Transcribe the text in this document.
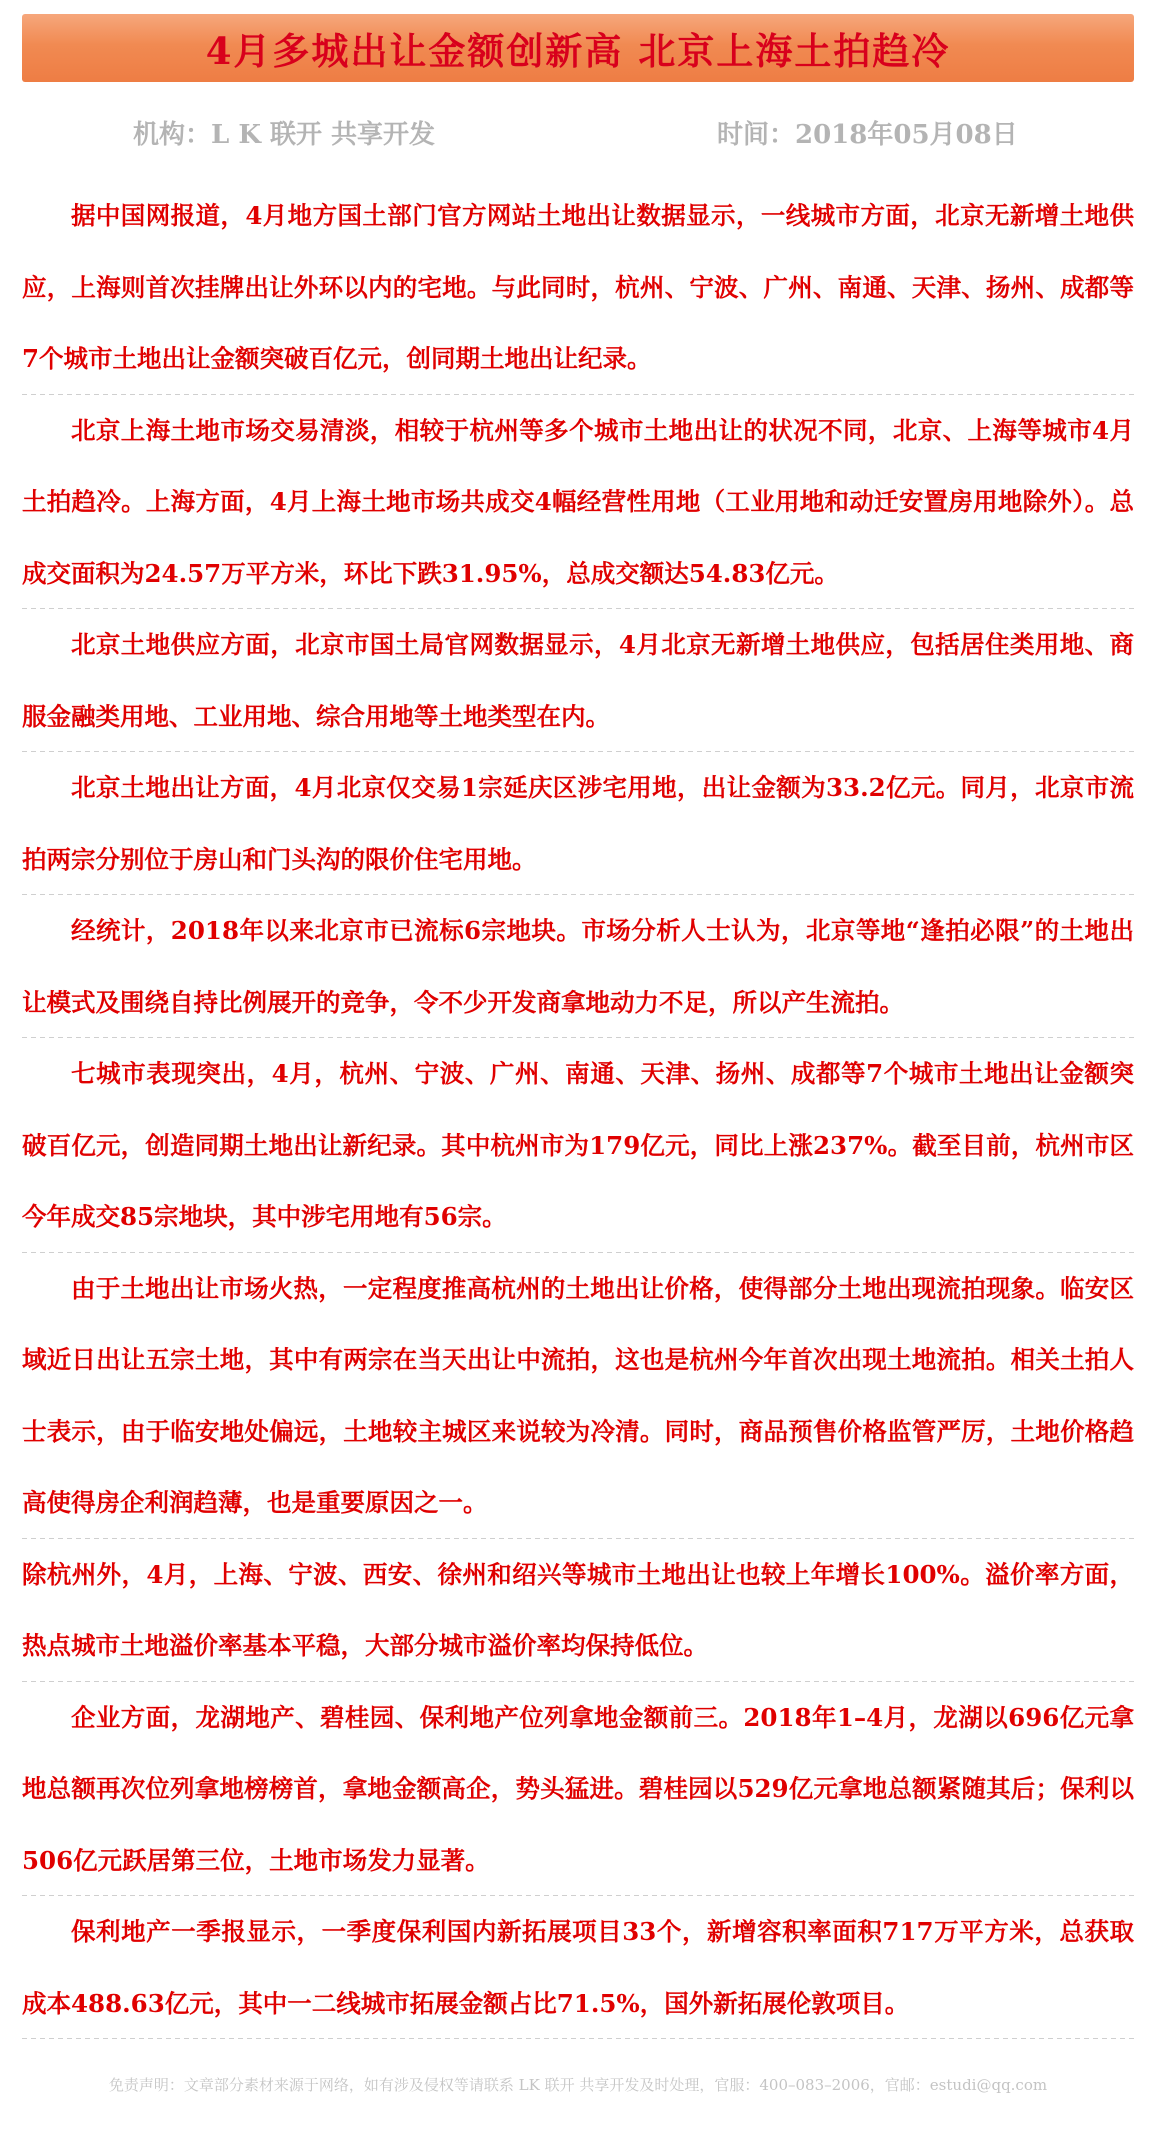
4月多城出让金额创新高 北京上海土拍趋冷
机构：L K 联开 共享开发	时间：2018年05月08日

据中国网报道，4月地方国土部门官方网站土地出让数据显示，一线城市方面，北京无新增土地供应，上海则首次挂牌出让外环以内的宅地。与此同时，杭州、宁波、广州、南通、天津、扬州、成都等7个城市土地出让金额突破百亿元，创同期土地出让纪录。

北京上海土地市场交易清淡，相较于杭州等多个城市土地出让的状况不同，北京、上海等城市4月土拍趋冷。上海方面，4月上海土地市场共成交4幅经营性用地（工业用地和动迁安置房用地除外）。总成交面积为24.57万平方米，环比下跌31.95%，总成交额达54.83亿元。

北京土地供应方面，北京市国土局官网数据显示，4月北京无新增土地供应，包括居住类用地、商服金融类用地、工业用地、综合用地等土地类型在内。

北京土地出让方面，4月北京仅交易1宗延庆区涉宅用地，出让金额为33.2亿元。同月，北京市流拍两宗分别位于房山和门头沟的限价住宅用地。

经统计，2018年以来北京市已流标6宗地块。市场分析人士认为，北京等地“逢拍必限”的土地出让模式及围绕自持比例展开的竞争，令不少开发商拿地动力不足，所以产生流拍。

七城市表现突出，4月，杭州、宁波、广州、南通、天津、扬州、成都等7个城市土地出让金额突破百亿元，创造同期土地出让新纪录。其中杭州市为179亿元，同比上涨237%。截至目前，杭州市区今年成交85宗地块，其中涉宅用地有56宗。

由于土地出让市场火热，一定程度推高杭州的土地出让价格，使得部分土地出现流拍现象。临安区域近日出让五宗土地，其中有两宗在当天出让中流拍，这也是杭州今年首次出现土地流拍。相关土拍人士表示，由于临安地处偏远，土地较主城区来说较为冷清。同时，商品预售价格监管严厉，土地价格趋高使得房企利润趋薄，也是重要原因之一。

除杭州外，4月，上海、宁波、西安、徐州和绍兴等城市土地出让也较上年增长100%。溢价率方面，热点城市土地溢价率基本平稳，大部分城市溢价率均保持低位。

企业方面，龙湖地产、碧桂园、保利地产位列拿地金额前三。2018年1–4月，龙湖以696亿元拿地总额再次位列拿地榜榜首，拿地金额高企，势头猛进。碧桂园以529亿元拿地总额紧随其后；保利以506亿元跃居第三位，土地市场发力显著。

保利地产一季报显示，一季度保利国内新拓展项目33个，新增容积率面积717万平方米，总获取成本488.63亿元，其中一二线城市拓展金额占比71.5%，国外新拓展伦敦项目。

免责声明：文章部分素材来源于网络，如有涉及侵权等请联系 LK 联开 共享开发及时处理，官服：400–083–2006，官邮：estudi@qq.com
